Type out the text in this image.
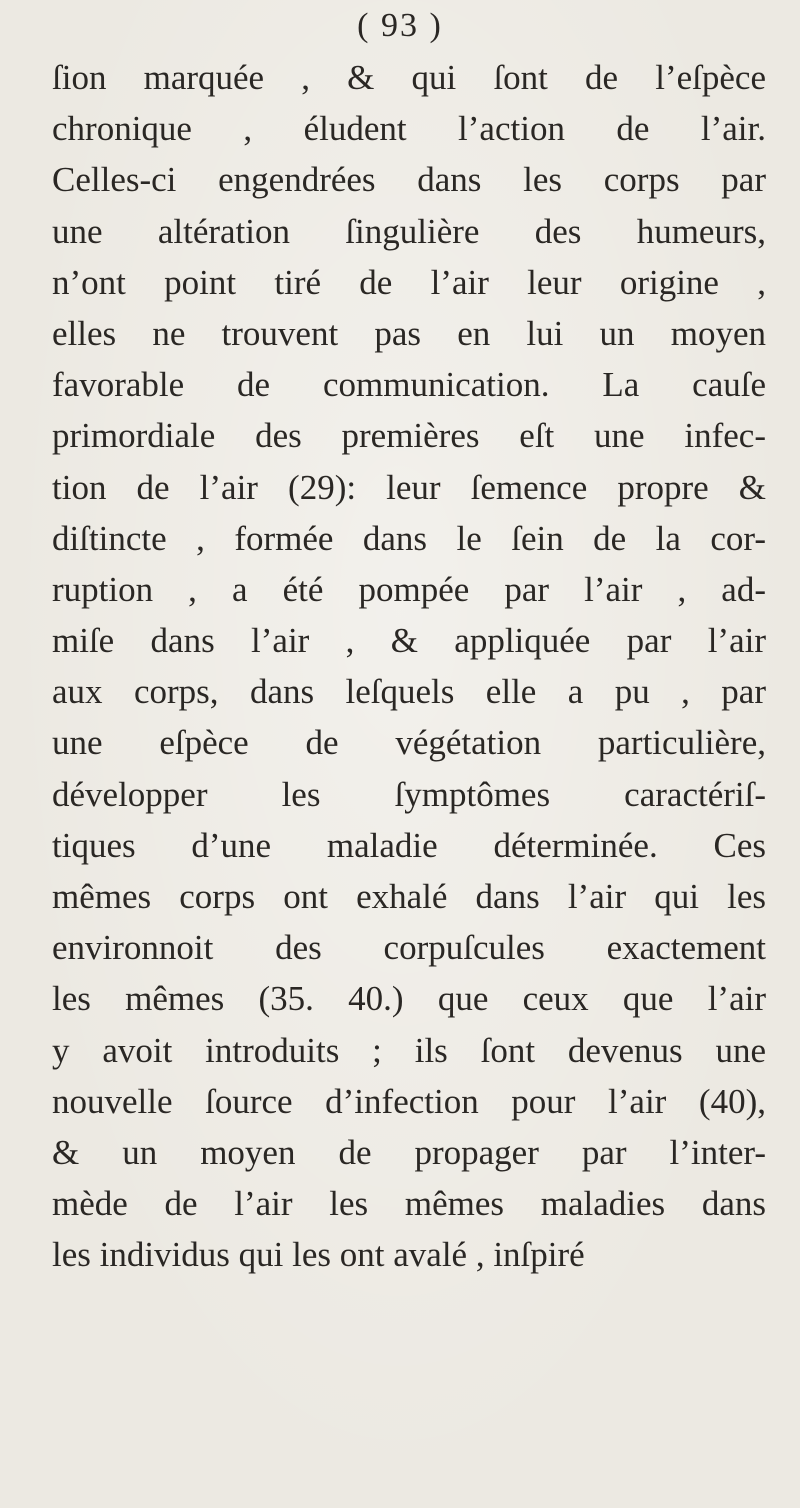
( 93 )
ſion marquée , & qui ſont de l’eſpèce
chronique , éludent l’action de l’air.
Celles-ci engendrées dans les corps par
une altération ſingulière des humeurs,
n’ont point tiré de l’air leur origine ,
elles ne trouvent pas en lui un moyen
favorable de communication. La cauſe
primordiale des premières eſt une infec-
tion de l’air (29): leur ſemence propre &
diſtincte , formée dans le ſein de la cor-
ruption , a été pompée par l’air , ad-
miſe dans l’air , & appliquée par l’air
aux corps, dans leſquels elle a pu , par
une eſpèce de végétation particulière,
développer les ſymptômes caractériſ-
tiques d’une maladie déterminée. Ces
mêmes corps ont exhalé dans l’air qui les
environnoit des corpuſcules exactement
les mêmes (35. 40.) que ceux que l’air
y avoit introduits ; ils ſont devenus une
nouvelle ſource d’infection pour l’air (40),
& un moyen de propager par l’inter-
mède de l’air les mêmes maladies dans
les individus qui les ont avalé , inſpiré
